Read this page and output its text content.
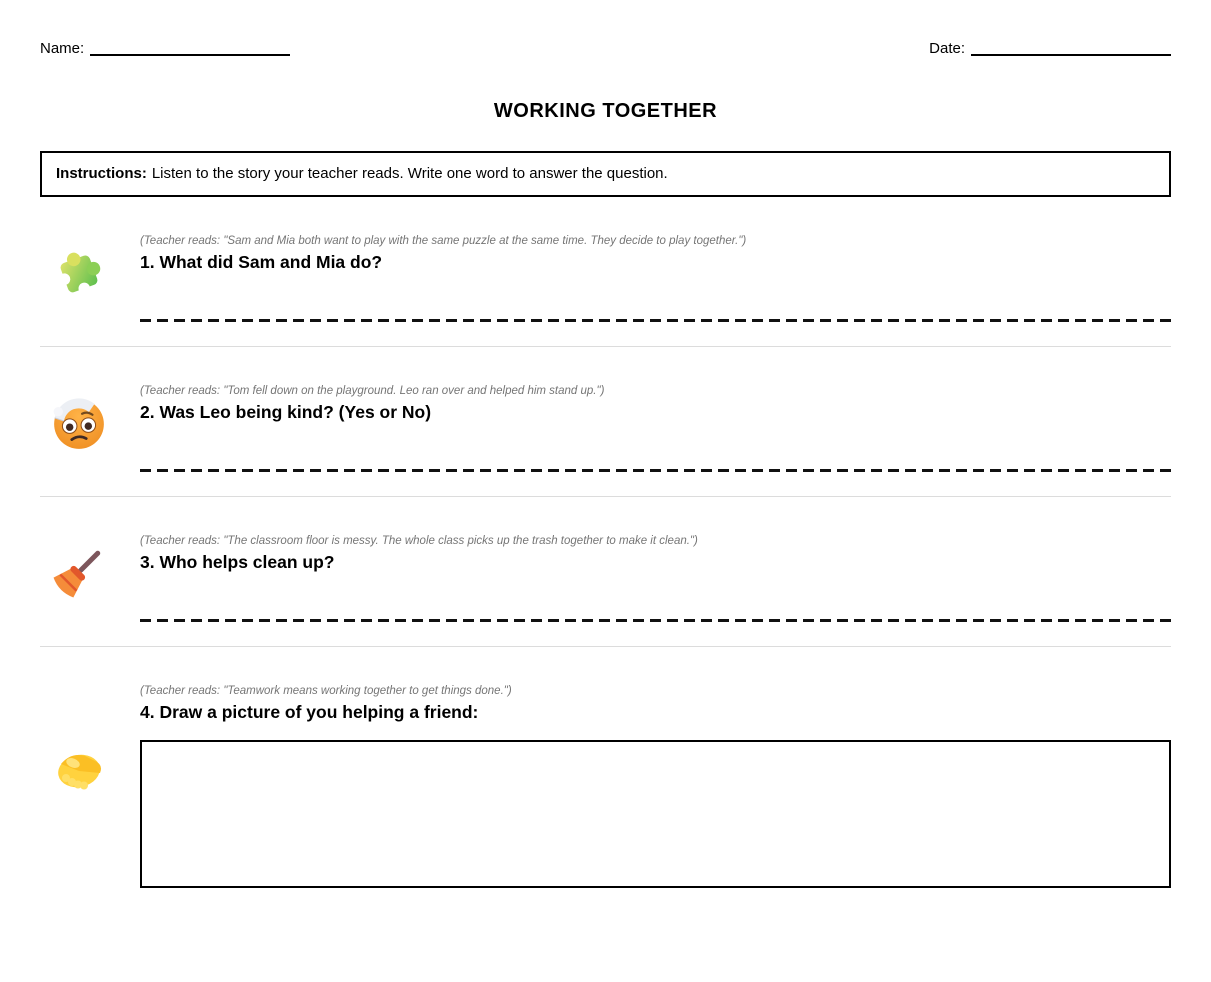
Name:	Date:
WORKING TOGETHER
Instructions: Listen to the story your teacher reads. Write one word to answer the question.
(Teacher reads: "Sam and Mia both want to play with the same puzzle at the same time. They decide to play together.")
1. What did Sam and Mia do?
(Teacher reads: "Tom fell down on the playground. Leo ran over and helped him stand up.")
2. Was Leo being kind? (Yes or No)
(Teacher reads: "The classroom floor is messy. The whole class picks up the trash together to make it clean.")
3. Who helps clean up?
(Teacher reads: "Teamwork means working together to get things done.")
4. Draw a picture of you helping a friend:
